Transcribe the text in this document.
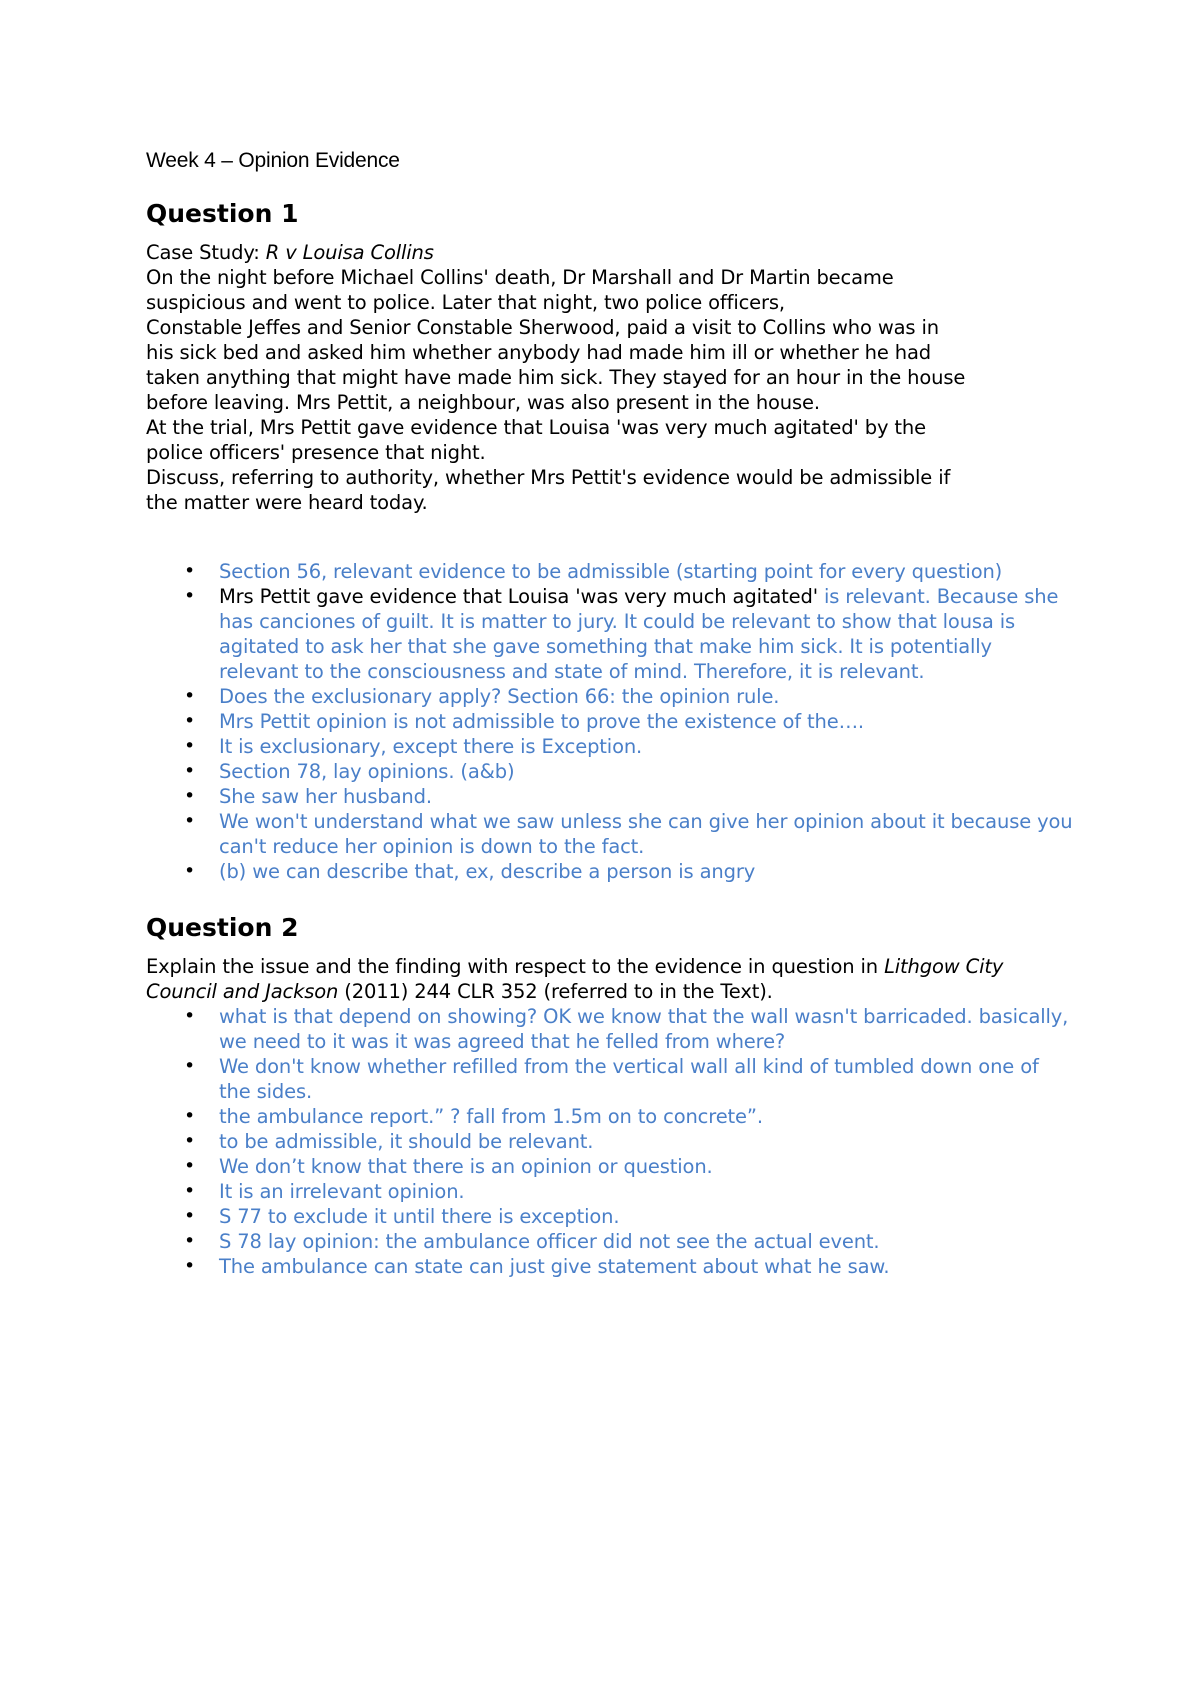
Week 4 – Opinion Evidence
Question 1

Case Study: R v Louisa Collins

On the night before Michael Collins' death, Dr Marshall and Dr Martin became

suspicious and went to police. Later that night, two police officers,

Constable Jeffes and Senior Constable Sherwood, paid a visit to Collins who was in

his sick bed and asked him whether anybody had made him ill or whether he had

taken anything that might have made him sick. They stayed for an hour in the house

before leaving. Mrs Pettit, a neighbour, was also present in the house.

At the trial, Mrs Pettit gave evidence that Louisa 'was very much agitated' by the

police officers' presence that night.

Discuss, referring to authority, whether Mrs Pettit's evidence would be admissible if

the matter were heard today.

• Section 56, relevant evidence to be admissible (starting point for every question)
• Mrs Pettit gave evidence that Louisa 'was very much agitated' is relevant. Because she has canciones of guilt. It is matter to jury. It could be relevant to show that lousa is agitated to ask her that she gave something that make him sick. It is potentially relevant to the consciousness and state of mind. Therefore, it is relevant.
• Does the exclusionary apply? Section 66: the opinion rule.
• Mrs Pettit opinion is not admissible to prove the existence of the….
• It is exclusionary, except there is Exception.
• Section 78, lay opinions. (a&b)
• She saw her husband.
• We won't understand what we saw unless she can give her opinion about it because you can't reduce her opinion is down to the fact.
• (b) we can describe that, ex, describe a person is angry
Question 2

Explain the issue and the finding with respect to the evidence in question in Lithgow City Council and Jackson (2011) 244 CLR 352 (referred to in the Text).

• what is that depend on showing? OK we know that the wall wasn't barricaded. basically, we need to it was it was agreed that he felled from where?
• We don't know whether refilled from the vertical wall all kind of tumbled down one of the sides.
• the ambulance report.” ? fall from 1.5m on to concrete”.
• to be admissible, it should be relevant.
• We don’t know that there is an opinion or question.
• It is an irrelevant opinion.
• S 77 to exclude it until there is exception.
• S 78 lay opinion: the ambulance officer did not see the actual event.
• The ambulance can state can just give statement about what he saw.
